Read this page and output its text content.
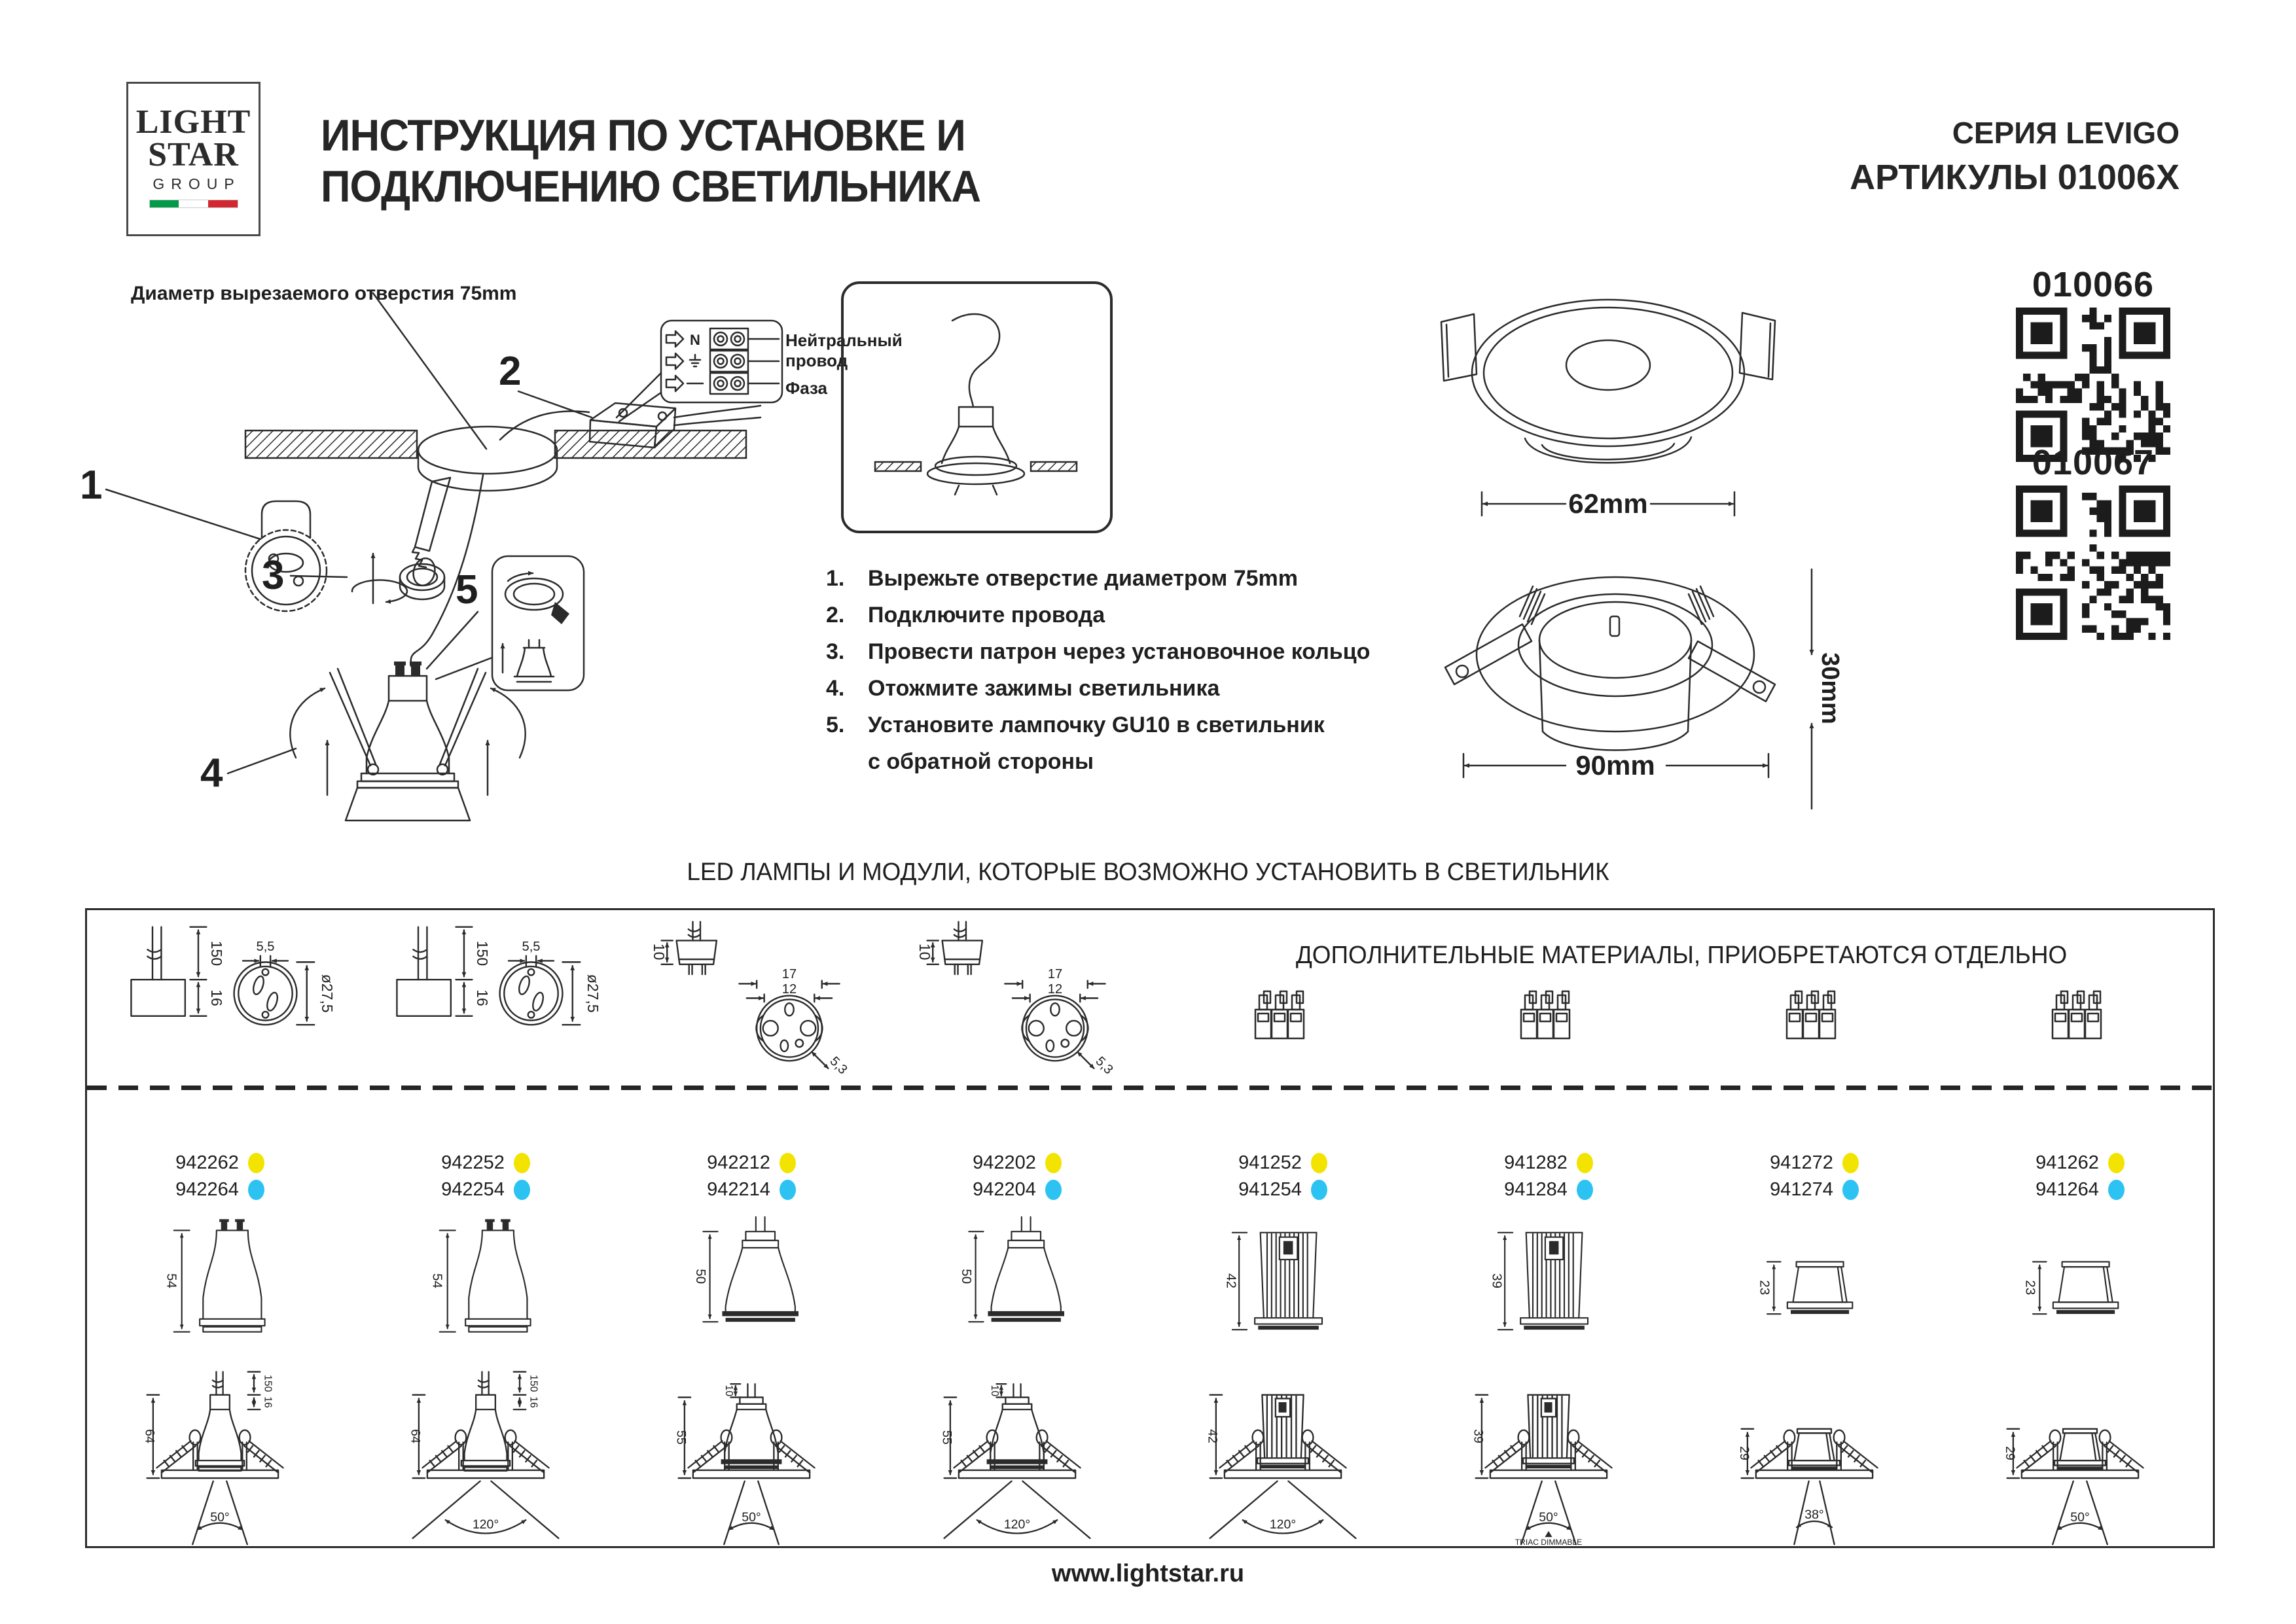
LIGHT
STAR
GROUP
ИНСТРУКЦИЯ ПО УСТАНОВКЕ И
ПОДКЛЮЧЕНИЮ СВЕТИЛЬНИКА
СЕРИЯ LEVIGO
АРТИКУЛЫ 01006X
Диаметр вырезаемого отверстия 75mm
2
N
1
3	5
4
Нейтральный
провод
Фаза
1.	Вырежьте отверстие диаметром 75mm
2.	Подключите провода
3.	Провести патрон через установочное кольцо
4.	Отожмите зажимы светильника
5.	Установите лампочку GU10 в светильник
с обратной стороны
62mm
90mm
30mm
010066
010067
LED ЛАМПЫ И МОДУЛИ, КОТОРЫЕ ВОЗМОЖНО УСТАНОВИТЬ В СВЕТИЛЬНИК
ДОПОЛНИТЕЛЬНЫЕ МАТЕРИАЛЫ, ПРИОБРЕТАЮТСЯ ОТДЕЛЬНО
150
16
5,5
ø27,5
942262
942264
54
64
150
16
50°
150
16
5,5
ø27,5
942252
942254
54
64
150
16
120°
10
17
12
5,3
942212
942214
50
10
55
50°
10
17
12
5,3
942202
942204
50
10
55
120°
941252
941254
42
42
120°
941282
941284
39
39
50°
TRIAC DIMMABLE
941272
941274
23
29
38°
941262
941264
23
29
50°
www.lightstar.ru
